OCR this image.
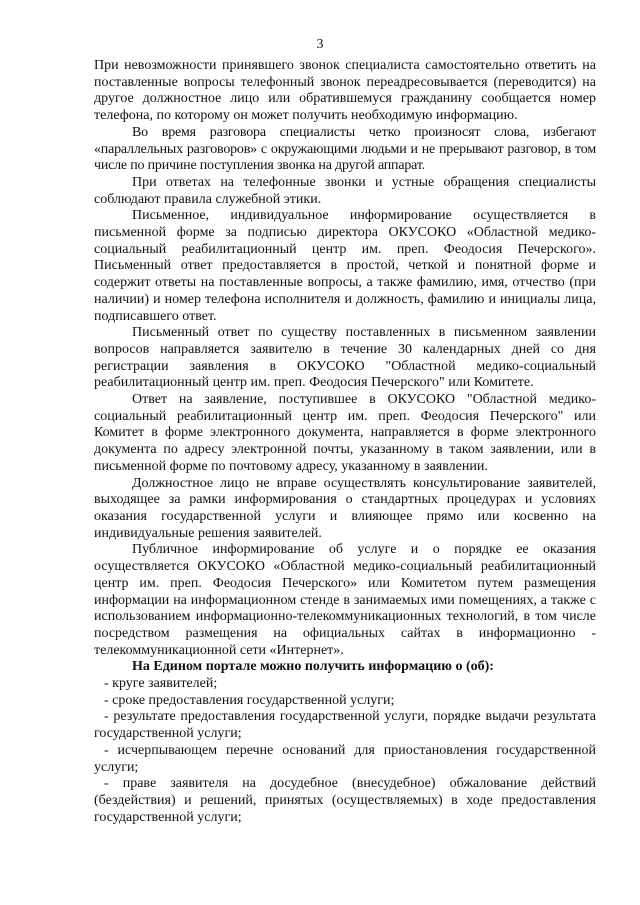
3

При невозможности принявшего звонок специалиста самостоятельно ответить на поставленные вопросы телефонный звонок переадресовывается (переводится) на другое должностное лицо или обратившемуся гражданину сообщается номер телефона, по которому он может получить необходимую информацию.

Во время разговора специалисты четко произносят слова, избегают «параллельных разговоров» с окружающими людьми и не прерывают разговор, в том числе по причине поступления звонка на другой аппарат.

При ответах на телефонные звонки и устные обращения специалисты соблюдают правила служебной этики.

Письменное, индивидуальное информирование осуществляется в письменной форме за подписью директора ОКУСОКО «Областной медико-социальный реабилитационный центр им. преп. Феодосия Печерского». Письменный ответ предоставляется в простой, четкой и понятной форме и содержит ответы на поставленные вопросы, а также фамилию, имя, отчество (при наличии) и номер телефона исполнителя и должность, фамилию и инициалы лица, подписавшего ответ.

Письменный ответ по существу поставленных в письменном заявлении вопросов направляется заявителю в течение 30 календарных дней со дня регистрации заявления в ОКУСОКО "Областной медико-социальный реабилитационный центр им. преп. Феодосия Печерского" или Комитете.

Ответ на заявление, поступившее в ОКУСОКО "Областной медико-социальный реабилитационный центр им. преп. Феодосия Печерского" или Комитет в форме электронного документа, направляется в форме электронного документа по адресу электронной почты, указанному в таком заявлении, или в письменной форме по почтовому адресу, указанному в заявлении.

Должностное лицо не вправе осуществлять консультирование заявителей, выходящее за рамки информирования о стандартных процедурах и условиях оказания государственной услуги и влияющее прямо или косвенно на индивидуальные решения заявителей.

Публичное информирование об услуге и о порядке ее оказания осуществляется ОКУСОКО «Областной медико-социальный реабилитационный центр им. преп. Феодосия Печерского» или Комитетом путем размещения информации на информационном стенде в занимаемых ими помещениях, а также с использованием информационно-телекоммуникационных технологий, в том числе посредством размещения на официальных сайтах в информационно - телекоммуникационной сети «Интернет».

На Едином портале можно получить информацию о (об):

- круге заявителей;

- сроке предоставления государственной услуги;

- результате предоставления государственной услуги, порядке выдачи результата государственной услуги;

- исчерпывающем перечне оснований для приостановления государственной услуги;

- праве заявителя на досудебное (внесудебное) обжалование действий (бездействия) и решений, принятых (осуществляемых) в ходе предоставления государственной услуги;
